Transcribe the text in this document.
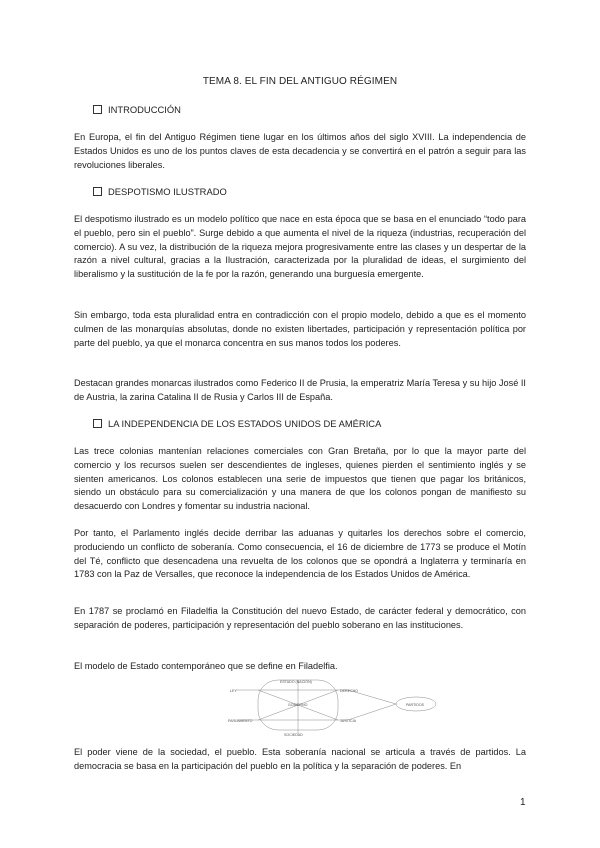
TEMA 8. EL FIN DEL ANTIGUO RÉGIMEN
INTRODUCCIÓN

En Europa, el fin del Antiguo Régimen tiene lugar en los últimos años del siglo XVIII. La independencia de Estados Unidos es uno de los puntos claves de esta decadencia y se convertirá en el patrón a seguir para las revoluciones liberales.

DESPOTISMO ILUSTRADO

El despotismo ilustrado es un modelo político que nace en esta época que se basa en el enunciado “todo para el pueblo, pero sin el pueblo”. Surge debido a que aumenta el nivel de la riqueza (industrias, recuperación del comercio). A su vez, la distribución de la riqueza mejora progresivamente entre las clases y un despertar de la razón a nivel cultural, gracias a la Ilustración, caracterizada por la pluralidad de ideas, el surgimiento del liberalismo y la sustitución de la fe por la razón, generando una burguesía emergente.

Sin embargo, toda esta pluralidad entra en contradicción con el propio modelo, debido a que es el momento culmen de las monarquías absolutas, donde no existen libertades, participación y representación política por parte del pueblo, ya que el monarca concentra en sus manos todos los poderes.

Destacan grandes monarcas ilustrados como Federico II de Prusia, la emperatriz María Teresa y su hijo José II de Austria, la zarina Catalina II de Rusia y Carlos III de España.

LA INDEPENDENCIA DE LOS ESTADOS UNIDOS DE AMÉRICA

Las trece colonias mantenían relaciones comerciales con Gran Bretaña, por lo que la mayor parte del comercio y los recursos suelen ser descendientes de ingleses, quienes pierden el sentimiento inglés y se sienten americanos. Los colonos establecen una serie de impuestos que tienen que pagar los británicos, siendo un obstáculo para su comercialización y una manera de que los colonos pongan de manifiesto su desacuerdo con Londres y fomentar su industria nacional.

Por tanto, el Parlamento inglés decide derribar las aduanas y quitarles los derechos sobre el comercio, produciendo un conflicto de soberanía. Como consecuencia, el 16 de diciembre de 1773 se produce el Motín del Té, conflicto que desencadena una revuelta de los colonos que se opondrá a Inglaterra y terminaría en 1783 con la Paz de Versalles, que reconoce la independencia de los Estados Unidos de América.

En 1787 se proclamó en Filadelfia la Constitución del nuevo Estado, de carácter federal y democrático, con separación de poderes, participación y representación del pueblo soberano en las instituciones.

El modelo de Estado contemporáneo que se define en Filadelfia.

ESTADO (NACIÓN)
LEY	DERECHO
GOBIERNO
PARLAMENTO	JUSTICIA
SOCIEDAD
PARTIDOS

El poder viene de la sociedad, el pueblo. Esta soberanía nacional se articula a través de partidos. La democracia se basa en la participación del pueblo en la política y la separación de poderes. En

1
